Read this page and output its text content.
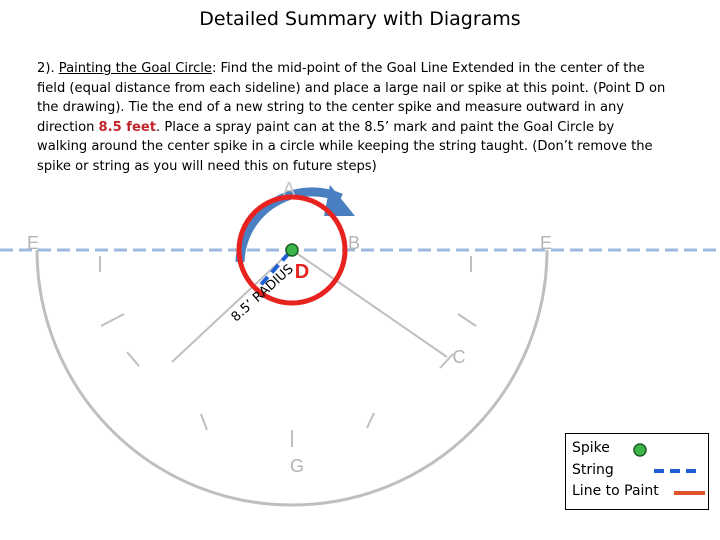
Detailed Summary with Diagrams
2). Painting the Goal Circle: Find the mid-point of the Goal Line Extended in the center of the field (equal distance from each sideline) and place a large nail or spike at this point. (Point D on the drawing). Tie the end of a new string to the center spike and measure outward in any direction 8.5 feet. Place a spray paint can at the 8.5’ mark and paint the Goal Circle by walking around the center spike in a circle while keeping the string taught. (Don’t remove the spike or string as you will need this on future steps)
A
B
C
D
E	E
G
8.5’ RADIUS
Spike
String
Line to Paint
